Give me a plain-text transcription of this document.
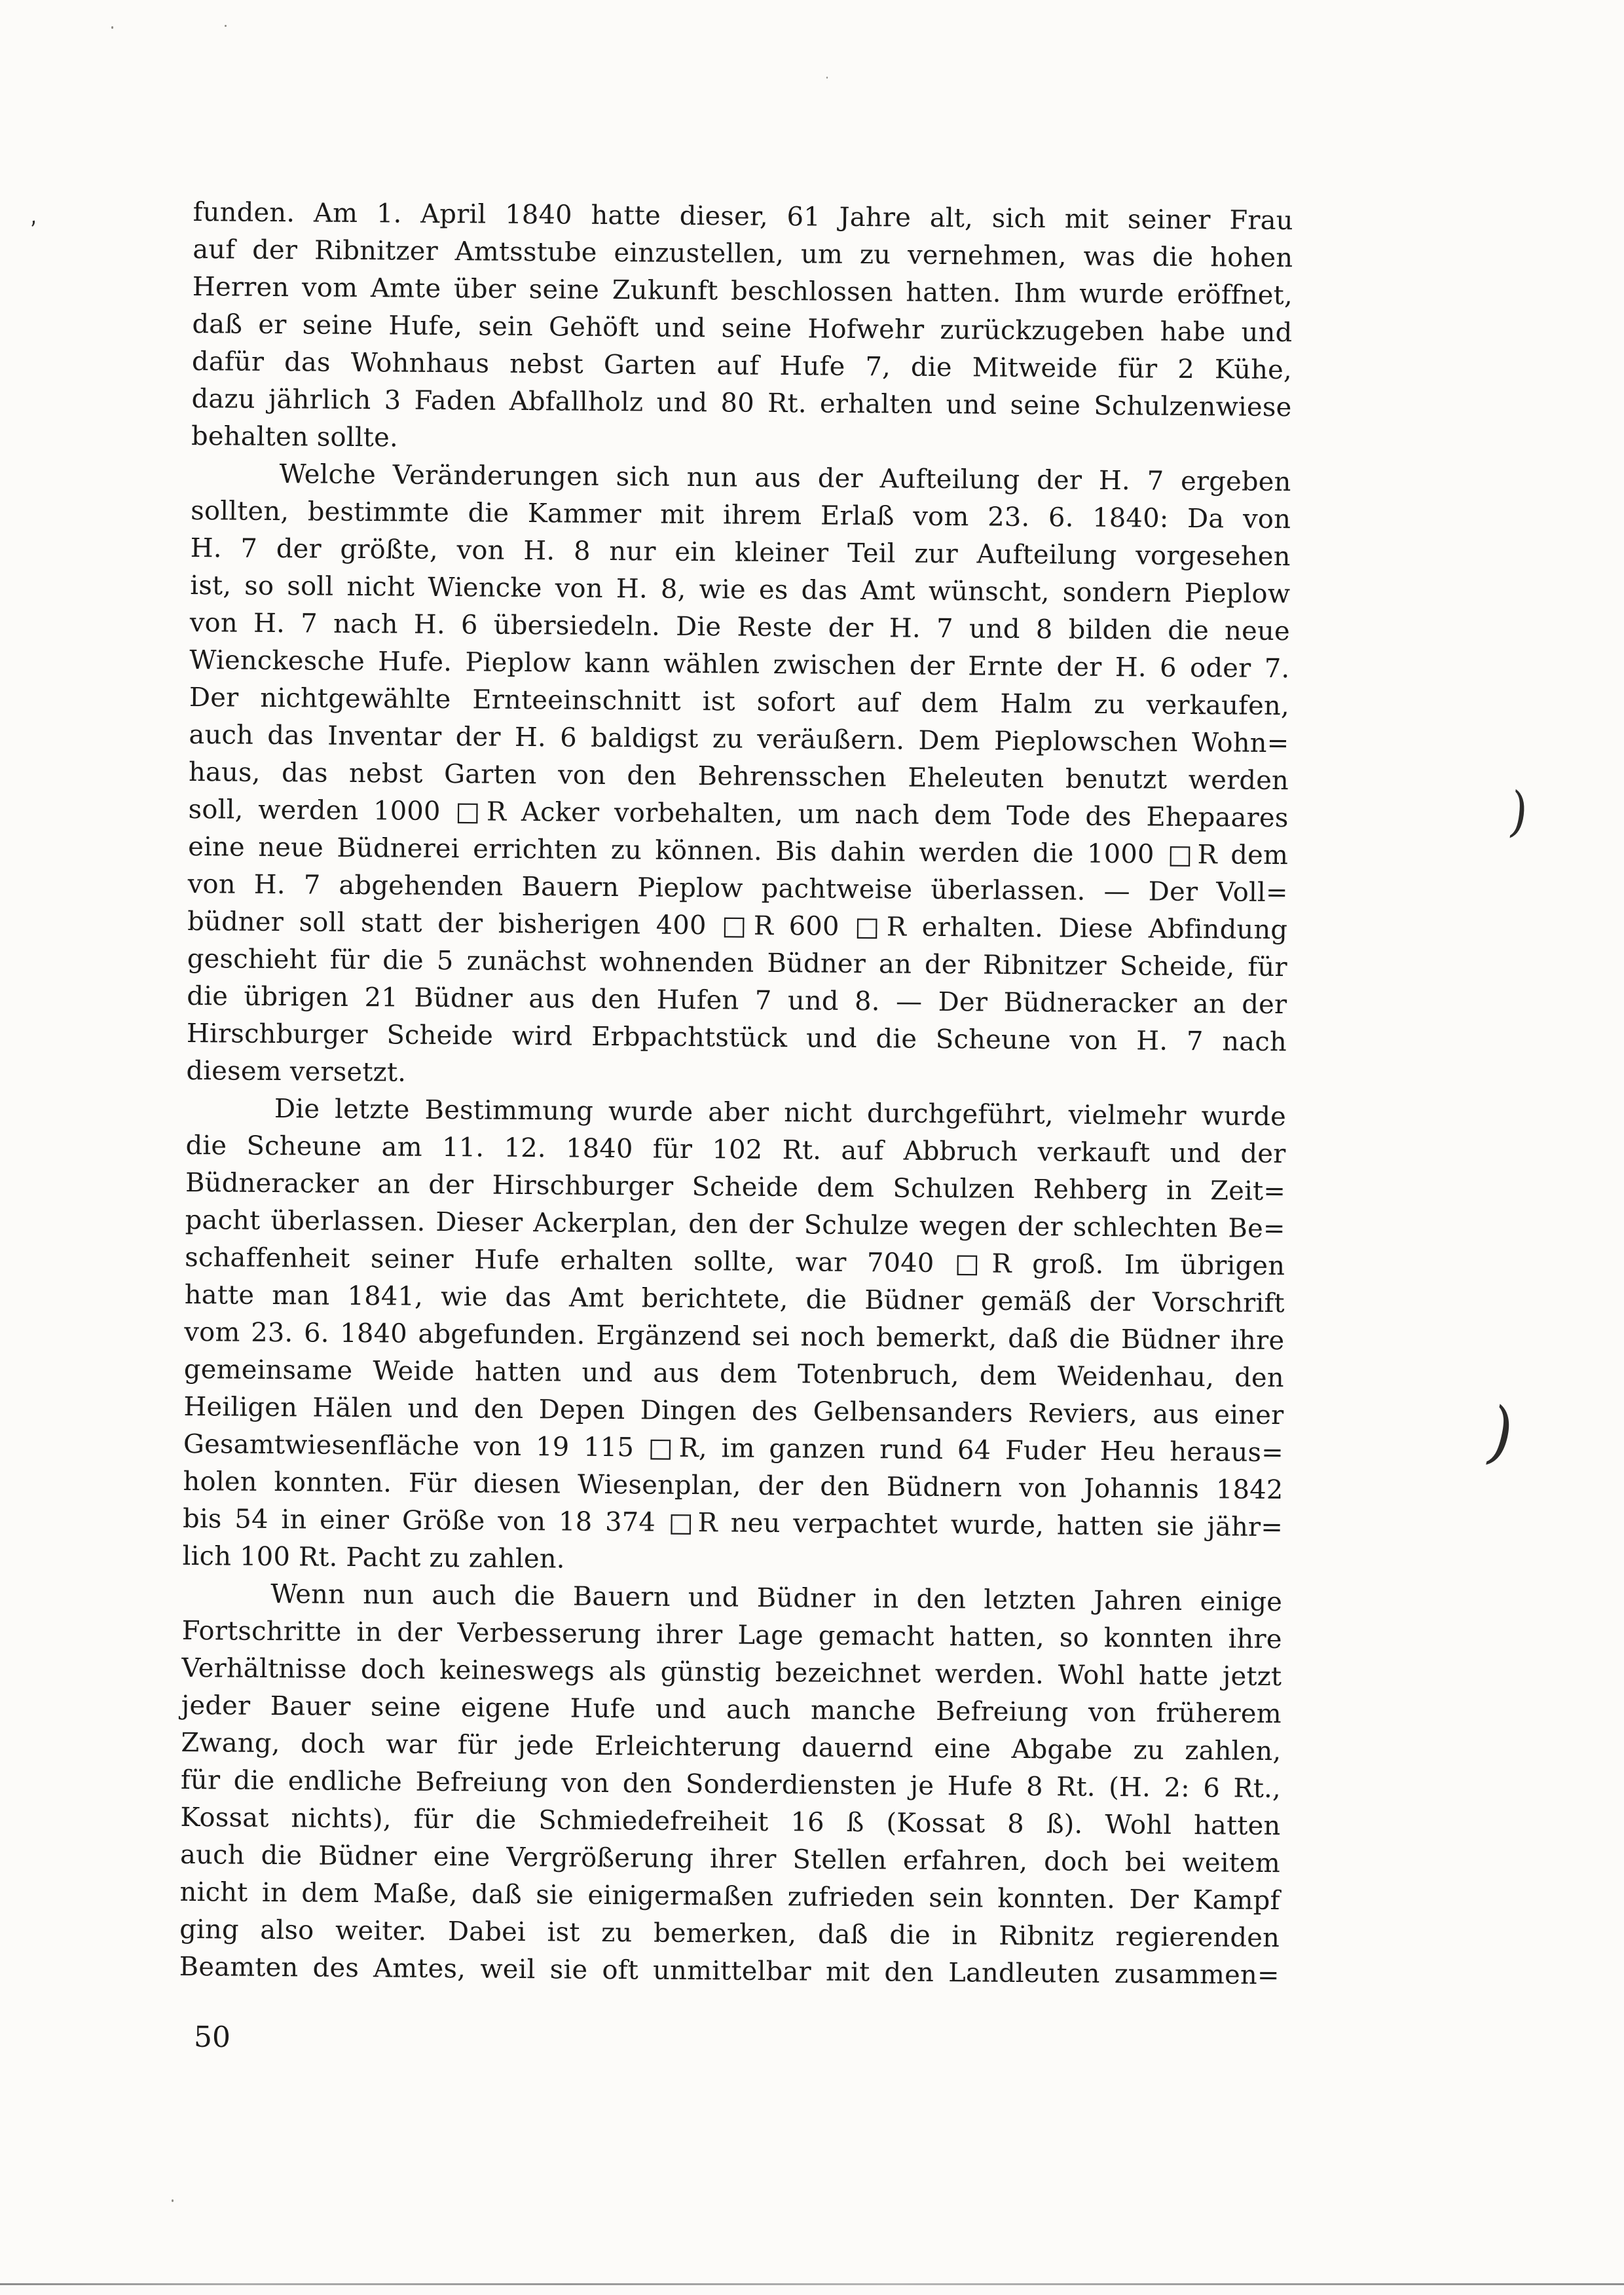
funden. Am 1. April 1840 hatte dieser, 61 Jahre alt, sich mit seiner Frau
auf der Ribnitzer Amtsstube einzustellen, um zu vernehmen, was die hohen
Herren vom Amte über seine Zukunft beschlossen hatten. Ihm wurde eröffnet,
daß er seine Hufe, sein Gehöft und seine Hofwehr zurückzugeben habe und
dafür das Wohnhaus nebst Garten auf Hufe 7, die Mitweide für 2 Kühe,
dazu jährlich 3 Faden Abfallholz und 80 Rt. erhalten und seine Schulzenwiese
behalten sollte.
Welche Veränderungen sich nun aus der Aufteilung der H. 7 ergeben
sollten, bestimmte die Kammer mit ihrem Erlaß vom 23. 6. 1840: Da von
H. 7 der größte, von H. 8 nur ein kleiner Teil zur Aufteilung vorgesehen
ist, so soll nicht Wiencke von H. 8, wie es das Amt wünscht, sondern Pieplow
von H. 7 nach H. 6 übersiedeln. Die Reste der H. 7 und 8 bilden die neue
Wienckesche Hufe. Pieplow kann wählen zwischen der Ernte der H. 6 oder 7.
Der nichtgewählte Ernteeinschnitt ist sofort auf dem Halm zu verkaufen,
auch das Inventar der H. 6 baldigst zu veräußern. Dem Pieplowschen Wohn=
haus, das nebst Garten von den Behrensschen Eheleuten benutzt werden
soll, werden 1000 □R Acker vorbehalten, um nach dem Tode des Ehepaares
eine neue Büdnerei errichten zu können. Bis dahin werden die 1000 □R dem
von H. 7 abgehenden Bauern Pieplow pachtweise überlassen. — Der Voll=
büdner soll statt der bisherigen 400 □R 600 □R erhalten. Diese Abfindung
geschieht für die 5 zunächst wohnenden Büdner an der Ribnitzer Scheide, für
die übrigen 21 Büdner aus den Hufen 7 und 8. — Der Büdneracker an der
Hirschburger Scheide wird Erbpachtstück und die Scheune von H. 7 nach
diesem versetzt.
Die letzte Bestimmung wurde aber nicht durchgeführt, vielmehr wurde
die Scheune am 11. 12. 1840 für 102 Rt. auf Abbruch verkauft und der
Büdneracker an der Hirschburger Scheide dem Schulzen Rehberg in Zeit=
pacht überlassen. Dieser Ackerplan, den der Schulze wegen der schlechten Be=
schaffenheit seiner Hufe erhalten sollte, war 7040 □R groß. Im übrigen
hatte man 1841, wie das Amt berichtete, die Büdner gemäß der Vorschrift
vom 23. 6. 1840 abgefunden. Ergänzend sei noch bemerkt, daß die Büdner ihre
gemeinsame Weide hatten und aus dem Totenbruch, dem Weidenhau, den
Heiligen Hälen und den Depen Dingen des Gelbensanders Reviers, aus einer
Gesamtwiesenfläche von 19 115 □R, im ganzen rund 64 Fuder Heu heraus=
holen konnten. Für diesen Wiesenplan, der den Büdnern von Johannis 1842
bis 54 in einer Größe von 18 374 □R neu verpachtet wurde, hatten sie jähr=
lich 100 Rt. Pacht zu zahlen.
Wenn nun auch die Bauern und Büdner in den letzten Jahren einige
Fortschritte in der Verbesserung ihrer Lage gemacht hatten, so konnten ihre
Verhältnisse doch keineswegs als günstig bezeichnet werden. Wohl hatte jetzt
jeder Bauer seine eigene Hufe und auch manche Befreiung von früherem
Zwang, doch war für jede Erleichterung dauernd eine Abgabe zu zahlen,
für die endliche Befreiung von den Sonderdiensten je Hufe 8 Rt. (H. 2: 6 Rt.,
Kossat nichts), für die Schmiedefreiheit 16 ß (Kossat 8 ß). Wohl hatten
auch die Büdner eine Vergrößerung ihrer Stellen erfahren, doch bei weitem
nicht in dem Maße, daß sie einigermaßen zufrieden sein konnten. Der Kampf
ging also weiter. Dabei ist zu bemerken, daß die in Ribnitz regierenden
Beamten des Amtes, weil sie oft unmittelbar mit den Landleuten zusammen=
50
,
)
)
